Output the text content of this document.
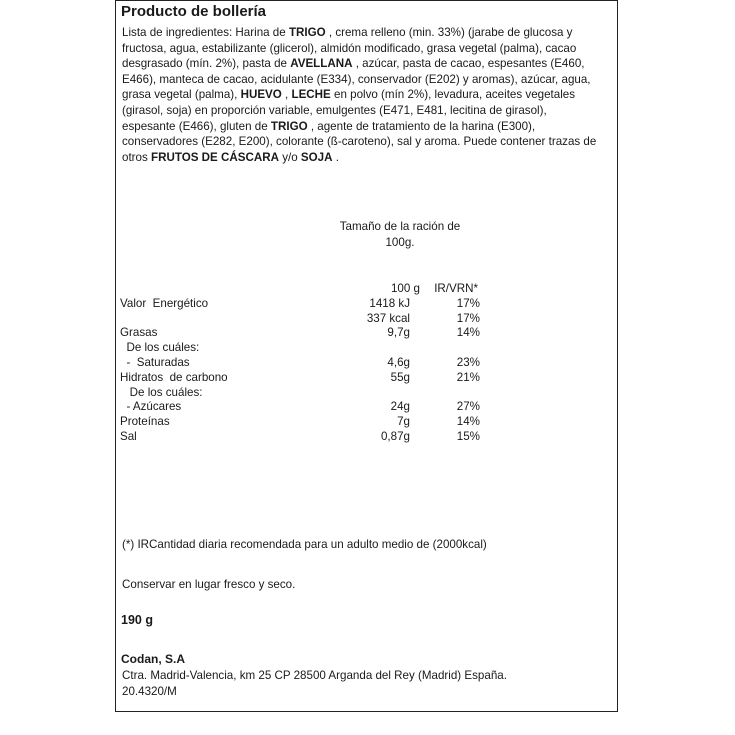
Producto de bollería
Lista de ingredientes: Harina de TRIGO , crema relleno (min. 33%) (jarabe de glucosa y fructosa, agua, estabilizante (glicerol), almidón modificado, grasa vegetal (palma), cacao desgrasado (mín. 2%), pasta de AVELLANA , azúcar, pasta de cacao, espesantes (E460, E466), manteca de cacao, acidulante (E334), conservador (E202) y aromas), azúcar, agua, grasa vegetal (palma), HUEVO , LECHE en polvo (mín 2%), levadura, aceites vegetales (girasol, soja) en proporción variable, emulgentes (E471, E481, lecitina de girasol), espesante (E466), gluten de TRIGO , agente de tratamiento de la harina (E300), conservadores (E282, E200), colorante (ß-caroteno), sal y aroma. Puede contener trazas de otros FRUTOS DE CÁSCARA y/o SOJA .
Tamaño de la ración de
100g.
100 g IR/VRN*
Valor  Energético	1418 kJ	17%
337 kcal	17%
Grasas	9,7g	14%
De los cuáles:
-  Saturadas	4,6g	23%
Hidratos  de carbono	55g	21%
De los cuáles:
- Azúcares	24g	27%
Proteínas	7g	14%
Sal	0,87g	15%
(*) IRCantidad diaria recomendada para un adulto medio de (2000kcal)
Conservar en lugar fresco y seco.
190 g
Codan, S.A
Ctra. Madrid-Valencia, km 25 CP 28500 Arganda del Rey (Madrid) España.
20.4320/M
